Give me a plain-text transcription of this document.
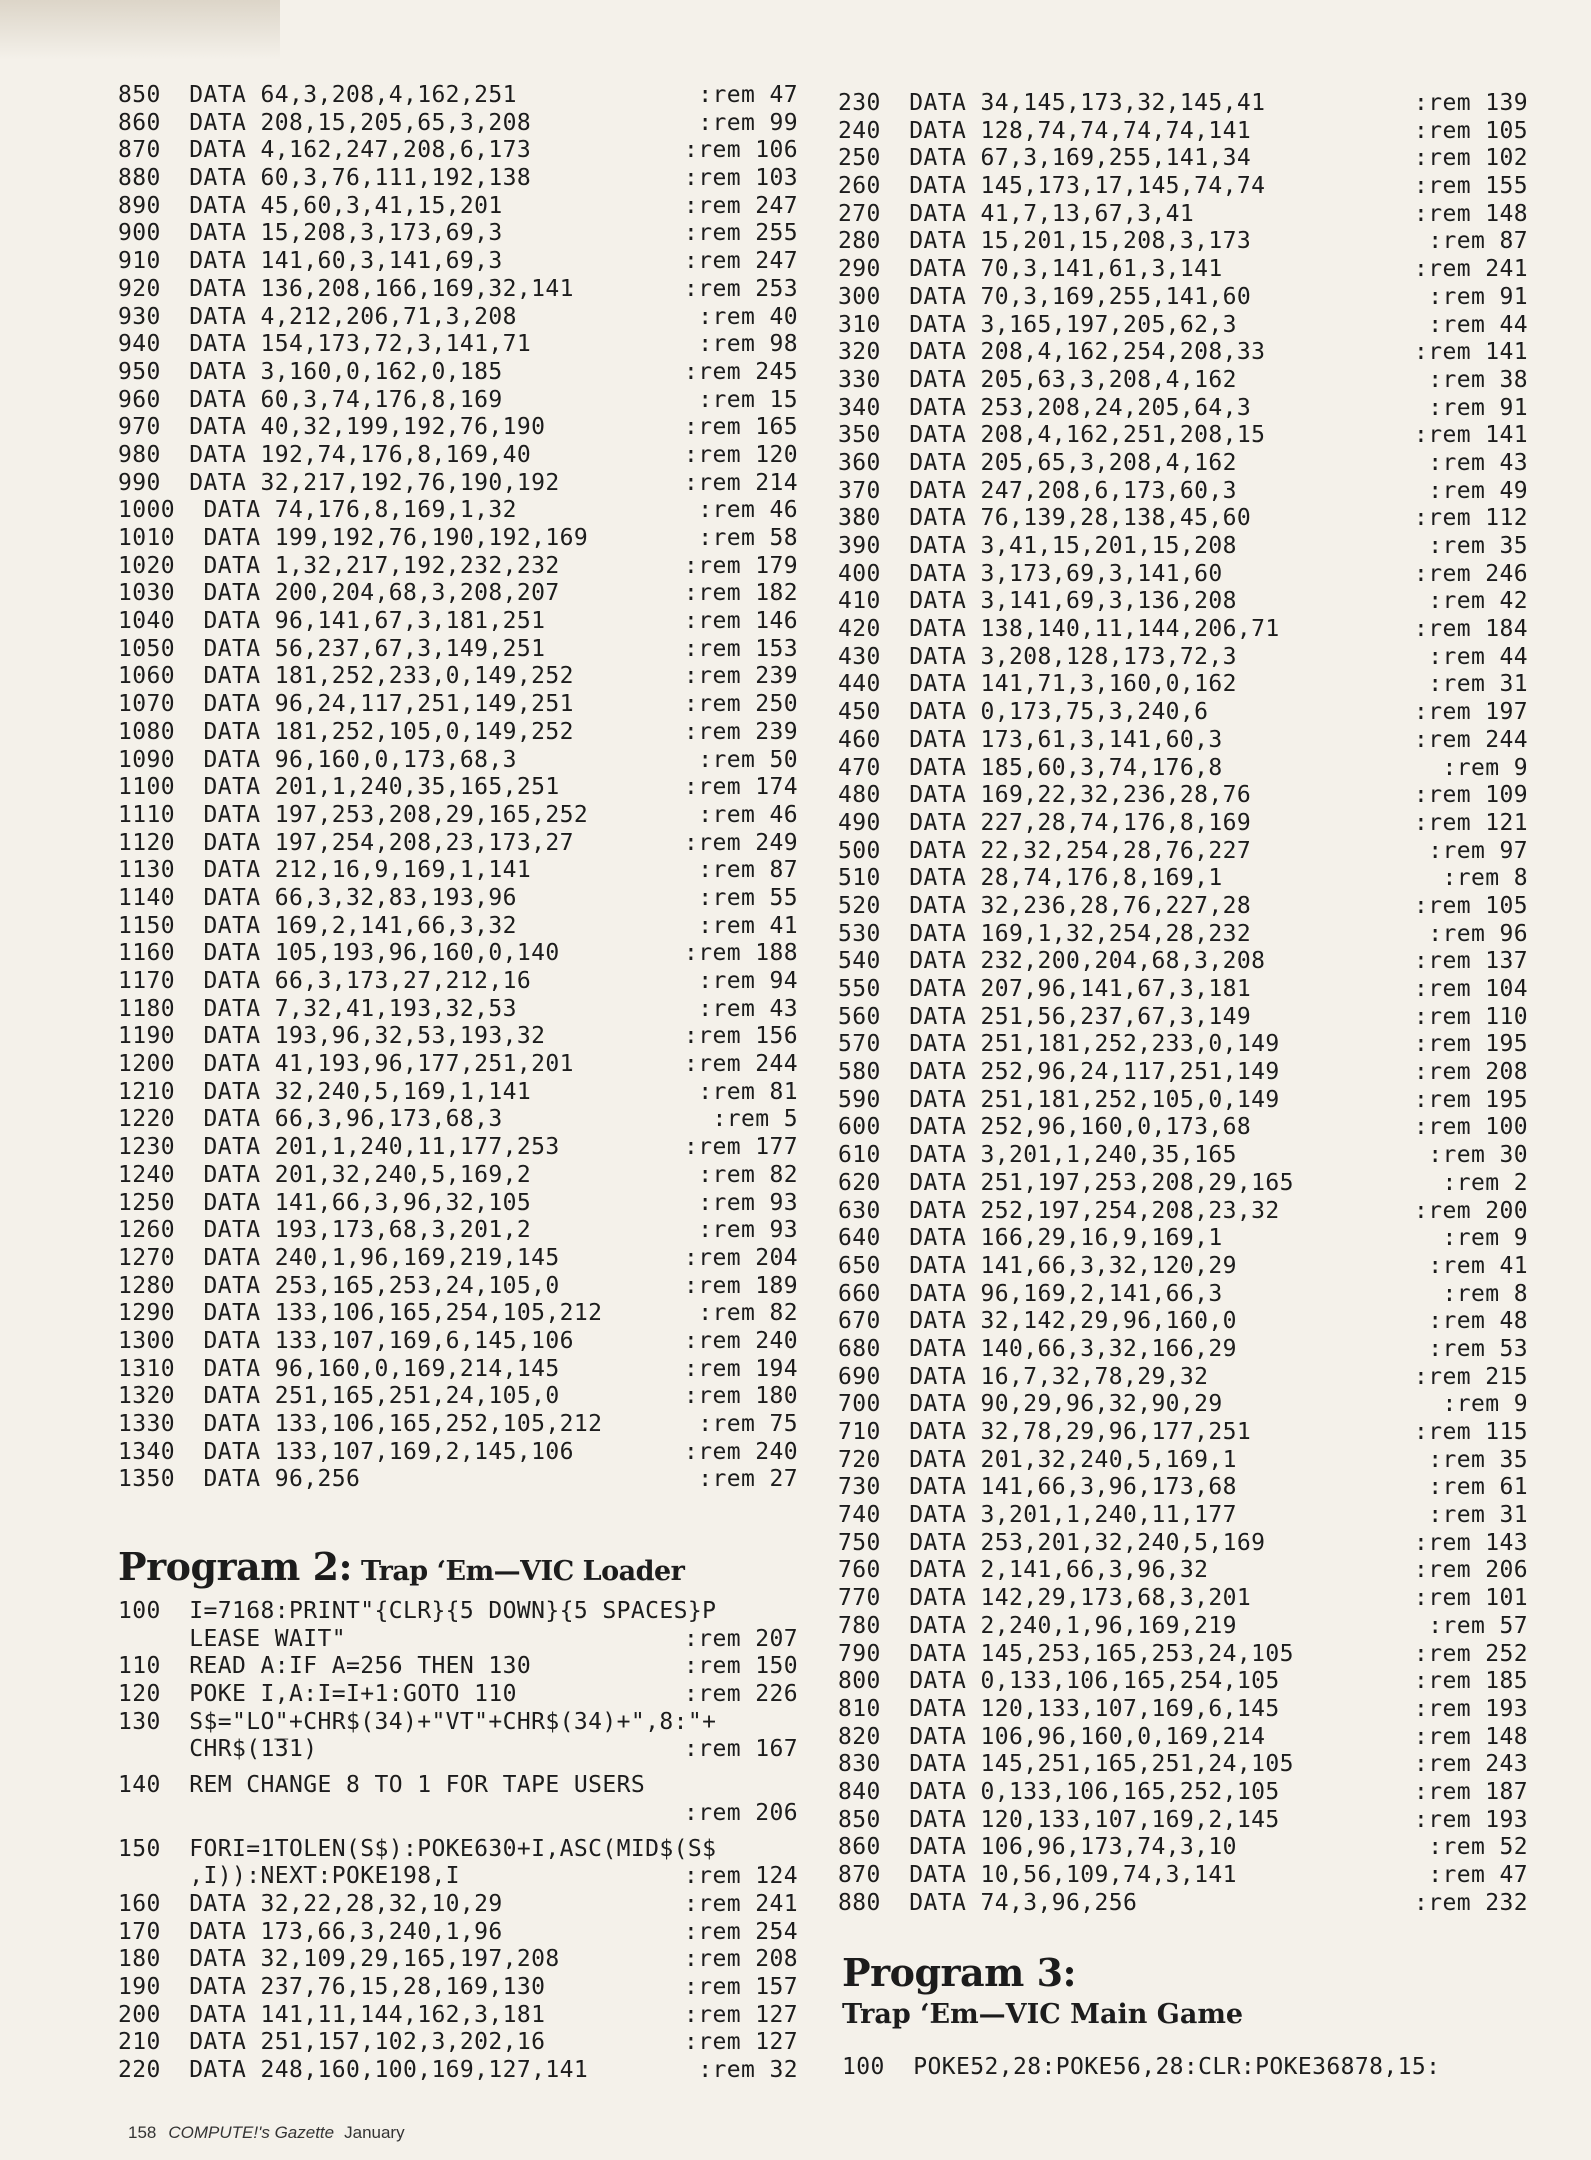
850  DATA 64,3,208,4,162,251	:rem 47
860  DATA 208,15,205,65,3,208	:rem 99
870  DATA 4,162,247,208,6,173	:rem 106
880  DATA 60,3,76,111,192,138	:rem 103
890  DATA 45,60,3,41,15,201	:rem 247
900  DATA 15,208,3,173,69,3	:rem 255
910  DATA 141,60,3,141,69,3	:rem 247
920  DATA 136,208,166,169,32,141	:rem 253
930  DATA 4,212,206,71,3,208	:rem 40
940  DATA 154,173,72,3,141,71	:rem 98
950  DATA 3,160,0,162,0,185	:rem 245
960  DATA 60,3,74,176,8,169	:rem 15
970  DATA 40,32,199,192,76,190	:rem 165
980  DATA 192,74,176,8,169,40	:rem 120
990  DATA 32,217,192,76,190,192	:rem 214
1000  DATA 74,176,8,169,1,32	:rem 46
1010  DATA 199,192,76,190,192,169	:rem 58
1020  DATA 1,32,217,192,232,232	:rem 179
1030  DATA 200,204,68,3,208,207	:rem 182
1040  DATA 96,141,67,3,181,251	:rem 146
1050  DATA 56,237,67,3,149,251	:rem 153
1060  DATA 181,252,233,0,149,252	:rem 239
1070  DATA 96,24,117,251,149,251	:rem 250
1080  DATA 181,252,105,0,149,252	:rem 239
1090  DATA 96,160,0,173,68,3	:rem 50
1100  DATA 201,1,240,35,165,251	:rem 174
1110  DATA 197,253,208,29,165,252	:rem 46
1120  DATA 197,254,208,23,173,27	:rem 249
1130  DATA 212,16,9,169,1,141	:rem 87
1140  DATA 66,3,32,83,193,96	:rem 55
1150  DATA 169,2,141,66,3,32	:rem 41
1160  DATA 105,193,96,160,0,140	:rem 188
1170  DATA 66,3,173,27,212,16	:rem 94
1180  DATA 7,32,41,193,32,53	:rem 43
1190  DATA 193,96,32,53,193,32	:rem 156
1200  DATA 41,193,96,177,251,201	:rem 244
1210  DATA 32,240,5,169,1,141	:rem 81
1220  DATA 66,3,96,173,68,3	:rem 5
1230  DATA 201,1,240,11,177,253	:rem 177
1240  DATA 201,32,240,5,169,2	:rem 82
1250  DATA 141,66,3,96,32,105	:rem 93
1260  DATA 193,173,68,3,201,2	:rem 93
1270  DATA 240,1,96,169,219,145	:rem 204
1280  DATA 253,165,253,24,105,0	:rem 189
1290  DATA 133,106,165,254,105,212	:rem 82
1300  DATA 133,107,169,6,145,106	:rem 240
1310  DATA 96,160,0,169,214,145	:rem 194
1320  DATA 251,165,251,24,105,0	:rem 180
1330  DATA 133,106,165,252,105,212	:rem 75
1340  DATA 133,107,169,2,145,106	:rem 240
1350  DATA 96,256	:rem 27
Program 2: Trap ‘Em—VIC Loader
100  I=7168:PRINT"{CLR}{5 DOWN}{5 SPACES}P
LEASE WAIT"	:rem 207
110  READ A:IF A=256 THEN 130	:rem 150
120  POKE I,A:I=I+1:GOTO 110	:rem 226
130  S$="LO"+CHR$(34)+"VT"+CHR$(34)+",8:"+
CHR$(1̅31)	:rem 167
140  REM CHANGE 8 TO 1 FOR TAPE USERS
:rem 206
150  FORI=1TOLEN(S$):POKE630+I,ASC(MID$(S$
,I)):NEXT:POKE198,I	:rem 124
160  DATA 32,22,28,32,10,29	:rem 241
170  DATA 173,66,3,240,1,96	:rem 254
180  DATA 32,109,29,165,197,208	:rem 208
190  DATA 237,76,15,28,169,130	:rem 157
200  DATA 141,11,144,162,3,181	:rem 127
210  DATA 251,157,102,3,202,16	:rem 127
220  DATA 248,160,100,169,127,141	:rem 32
230  DATA 34,145,173,32,145,41	:rem 139
240  DATA 128,74,74,74,74,141	:rem 105
250  DATA 67,3,169,255,141,34	:rem 102
260  DATA 145,173,17,145,74,74	:rem 155
270  DATA 41,7,13,67,3,41	:rem 148
280  DATA 15,201,15,208,3,173	:rem 87
290  DATA 70,3,141,61,3,141	:rem 241
300  DATA 70,3,169,255,141,60	:rem 91
310  DATA 3,165,197,205,62,3	:rem 44
320  DATA 208,4,162,254,208,33	:rem 141
330  DATA 205,63,3,208,4,162	:rem 38
340  DATA 253,208,24,205,64,3	:rem 91
350  DATA 208,4,162,251,208,15	:rem 141
360  DATA 205,65,3,208,4,162	:rem 43
370  DATA 247,208,6,173,60,3	:rem 49
380  DATA 76,139,28,138,45,60	:rem 112
390  DATA 3,41,15,201,15,208	:rem 35
400  DATA 3,173,69,3,141,60	:rem 246
410  DATA 3,141,69,3,136,208	:rem 42
420  DATA 138,140,11,144,206,71	:rem 184
430  DATA 3,208,128,173,72,3	:rem 44
440  DATA 141,71,3,160,0,162	:rem 31
450  DATA 0,173,75,3,240,6	:rem 197
460  DATA 173,61,3,141,60,3	:rem 244
470  DATA 185,60,3,74,176,8	:rem 9
480  DATA 169,22,32,236,28,76	:rem 109
490  DATA 227,28,74,176,8,169	:rem 121
500  DATA 22,32,254,28,76,227	:rem 97
510  DATA 28,74,176,8,169,1	:rem 8
520  DATA 32,236,28,76,227,28	:rem 105
530  DATA 169,1,32,254,28,232	:rem 96
540  DATA 232,200,204,68,3,208	:rem 137
550  DATA 207,96,141,67,3,181	:rem 104
560  DATA 251,56,237,67,3,149	:rem 110
570  DATA 251,181,252,233,0,149	:rem 195
580  DATA 252,96,24,117,251,149	:rem 208
590  DATA 251,181,252,105,0,149	:rem 195
600  DATA 252,96,160,0,173,68	:rem 100
610  DATA 3,201,1,240,35,165	:rem 30
620  DATA 251,197,253,208,29,165	:rem 2
630  DATA 252,197,254,208,23,32	:rem 200
640  DATA 166,29,16,9,169,1	:rem 9
650  DATA 141,66,3,32,120,29	:rem 41
660  DATA 96,169,2,141,66,3	:rem 8
670  DATA 32,142,29,96,160,0	:rem 48
680  DATA 140,66,3,32,166,29	:rem 53
690  DATA 16,7,32,78,29,32	:rem 215
700  DATA 90,29,96,32,90,29	:rem 9
710  DATA 32,78,29,96,177,251	:rem 115
720  DATA 201,32,240,5,169,1	:rem 35
730  DATA 141,66,3,96,173,68	:rem 61
740  DATA 3,201,1,240,11,177	:rem 31
750  DATA 253,201,32,240,5,169	:rem 143
760  DATA 2,141,66,3,96,32	:rem 206
770  DATA 142,29,173,68,3,201	:rem 101
780  DATA 2,240,1,96,169,219	:rem 57
790  DATA 145,253,165,253,24,105	:rem 252
800  DATA 0,133,106,165,254,105	:rem 185
810  DATA 120,133,107,169,6,145	:rem 193
820  DATA 106,96,160,0,169,214	:rem 148
830  DATA 145,251,165,251,24,105	:rem 243
840  DATA 0,133,106,165,252,105	:rem 187
850  DATA 120,133,107,169,2,145	:rem 193
860  DATA 106,96,173,74,3,10	:rem 52
870  DATA 10,56,109,74,3,141	:rem 47
880  DATA 74,3,96,256	:rem 232
Program 3:
Trap ‘Em—VIC Main Game
100  POKE52,28:POKE56,28:CLR:POKE36878,15:
158 COMPUTE!'s Gazette January
